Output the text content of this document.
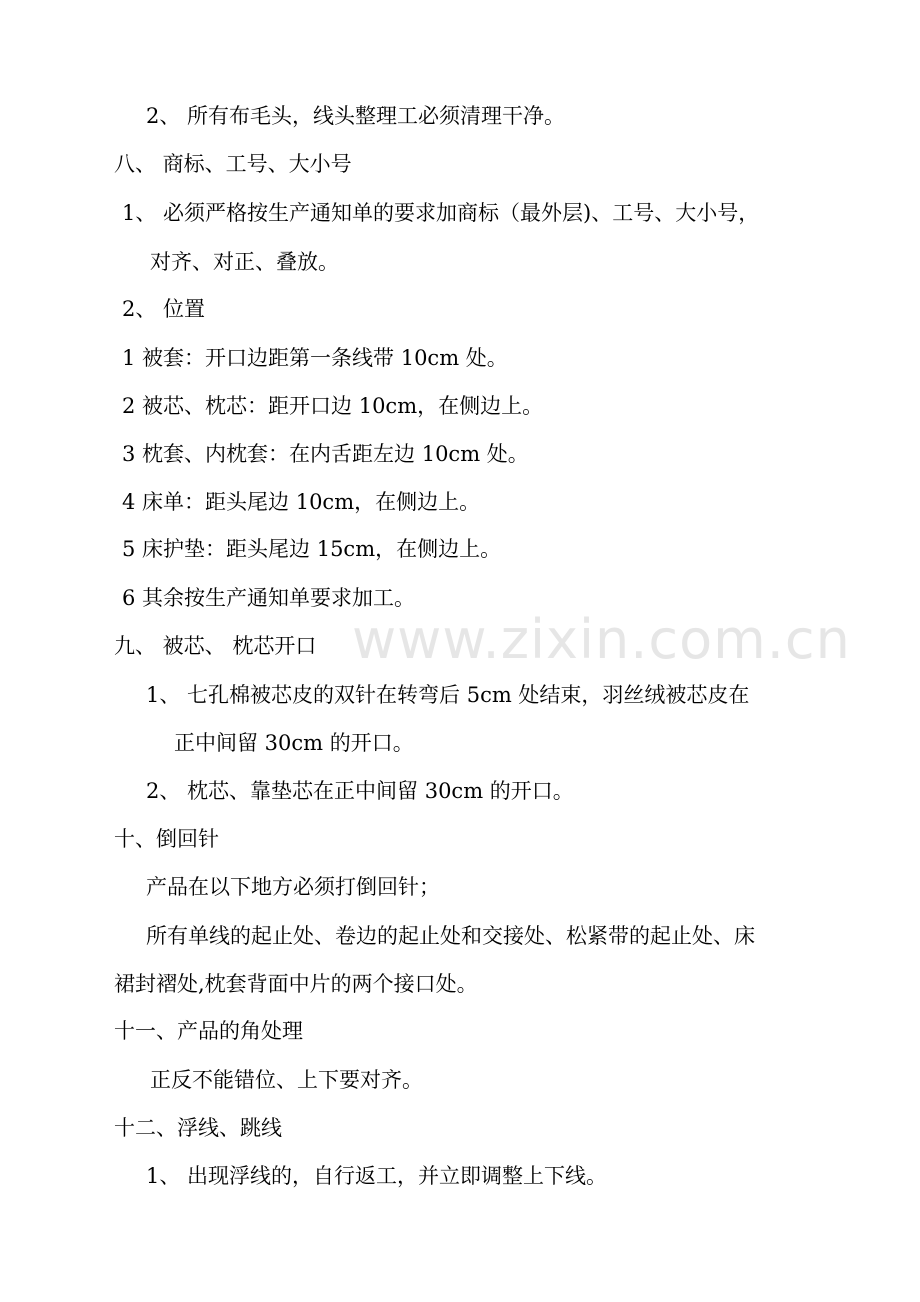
www.zixin.com.cn
2、 所有布毛头，线头整理工必须清理干净。
八、 商标、工号、大小号
1、 必须严格按生产通知单的要求加商标（最外层)、工号、大小号，
对齐、对正、叠放。
2、 位置
1 被套：开口边距第一条线带 10cm 处。
2 被芯、枕芯：距开口边 10cm，在侧边上。
3 枕套、内枕套：在内舌距左边 10cm 处。
4 床单：距头尾边 10cm，在侧边上。
5 床护垫：距头尾边 15cm，在侧边上。
6 其余按生产通知单要求加工。
九、 被芯、 枕芯开口
1、 七孔棉被芯皮的双针在转弯后 5cm 处结束，羽丝绒被芯皮在
正中间留 30cm 的开口。
2、 枕芯、靠垫芯在正中间留 30cm 的开口。
十、倒回针
产品在以下地方必须打倒回针；
所有单线的起止处、卷边的起止处和交接处、松紧带的起止处、床
裙封褶处,枕套背面中片的两个接口处。
十一、产品的角处理
正反不能错位、上下要对齐。
十二、浮线、跳线
1、 出现浮线的，自行返工，并立即调整上下线。
